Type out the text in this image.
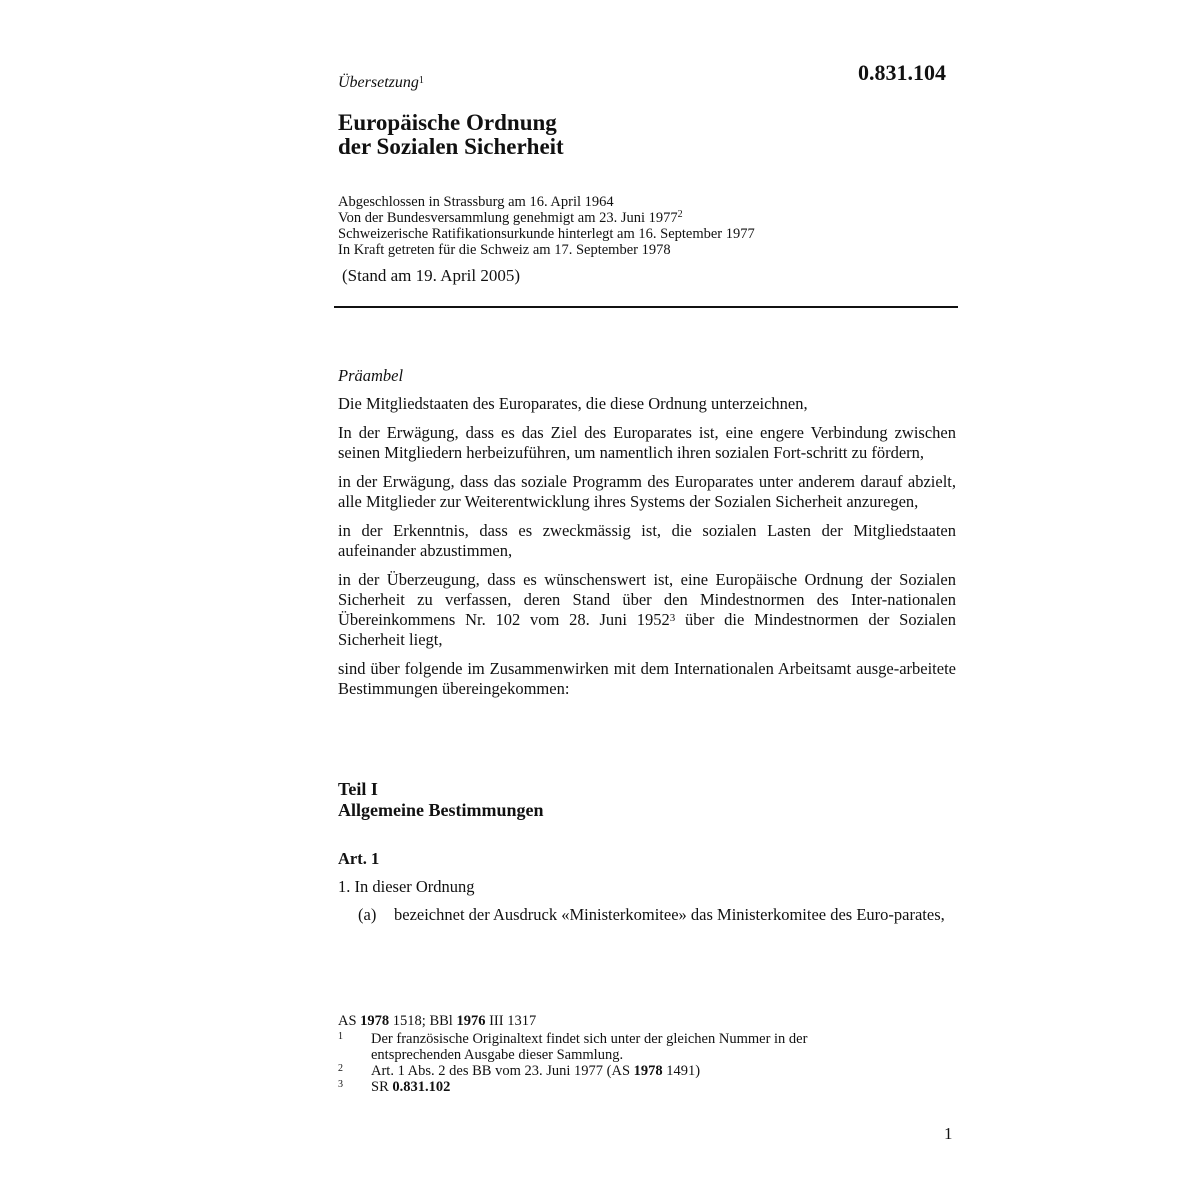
0.831.104
Übersetzung$^1$
Europäische Ordnung
der Sozialen Sicherheit
Abgeschlossen in Strassburg am 16. April 1964
Von der Bundesversammlung genehmigt am 23. Juni 1977$^2$
Schweizerische Ratifikationsurkunde hinterlegt am 16. September 1977
In Kraft getreten für die Schweiz am 17. September 1978
(Stand am 19. April 2005)
Präambel

Die Mitgliedstaaten des Europarates, die diese Ordnung unterzeichnen,

In der Erwägung, dass es das Ziel des Europarates ist, eine engere Verbindung zwischen seinen Mitgliedern herbeizuführen, um namentlich ihren sozialen Fort-schritt zu fördern,

in der Erwägung, dass das soziale Programm des Europarates unter anderem darauf abzielt, alle Mitglieder zur Weiterentwicklung ihres Systems der Sozialen Sicherheit anzuregen,

in der Erkenntnis, dass es zweckmässig ist, die sozialen Lasten der Mitgliedstaaten aufeinander abzustimmen,

in der Überzeugung, dass es wünschenswert ist, eine Europäische Ordnung der Sozialen Sicherheit zu verfassen, deren Stand über den Mindestnormen des Inter-nationalen Übereinkommens Nr. 102 vom 28. Juni 1952$^3$ über die Mindestnormen der Sozialen Sicherheit liegt,

sind über folgende im Zusammenwirken mit dem Internationalen Arbeitsamt ausge-arbeitete Bestimmungen übereingekommen:

Teil I
Allgemeine Bestimmungen
Art. 1
1. In dieser Ordnung
(a) bezeichnet der Ausdruck «Ministerkomitee» das Ministerkomitee des Euro-parates,
AS 1978 1518; BBl 1976 III 1317
1	Der französische Originaltext findet sich unter der gleichen Nummer in der entsprechenden Ausgabe dieser Sammlung.
2	Art. 1 Abs. 2 des BB vom 23. Juni 1977 (AS 1978 1491)
3	SR 0.831.102
1
